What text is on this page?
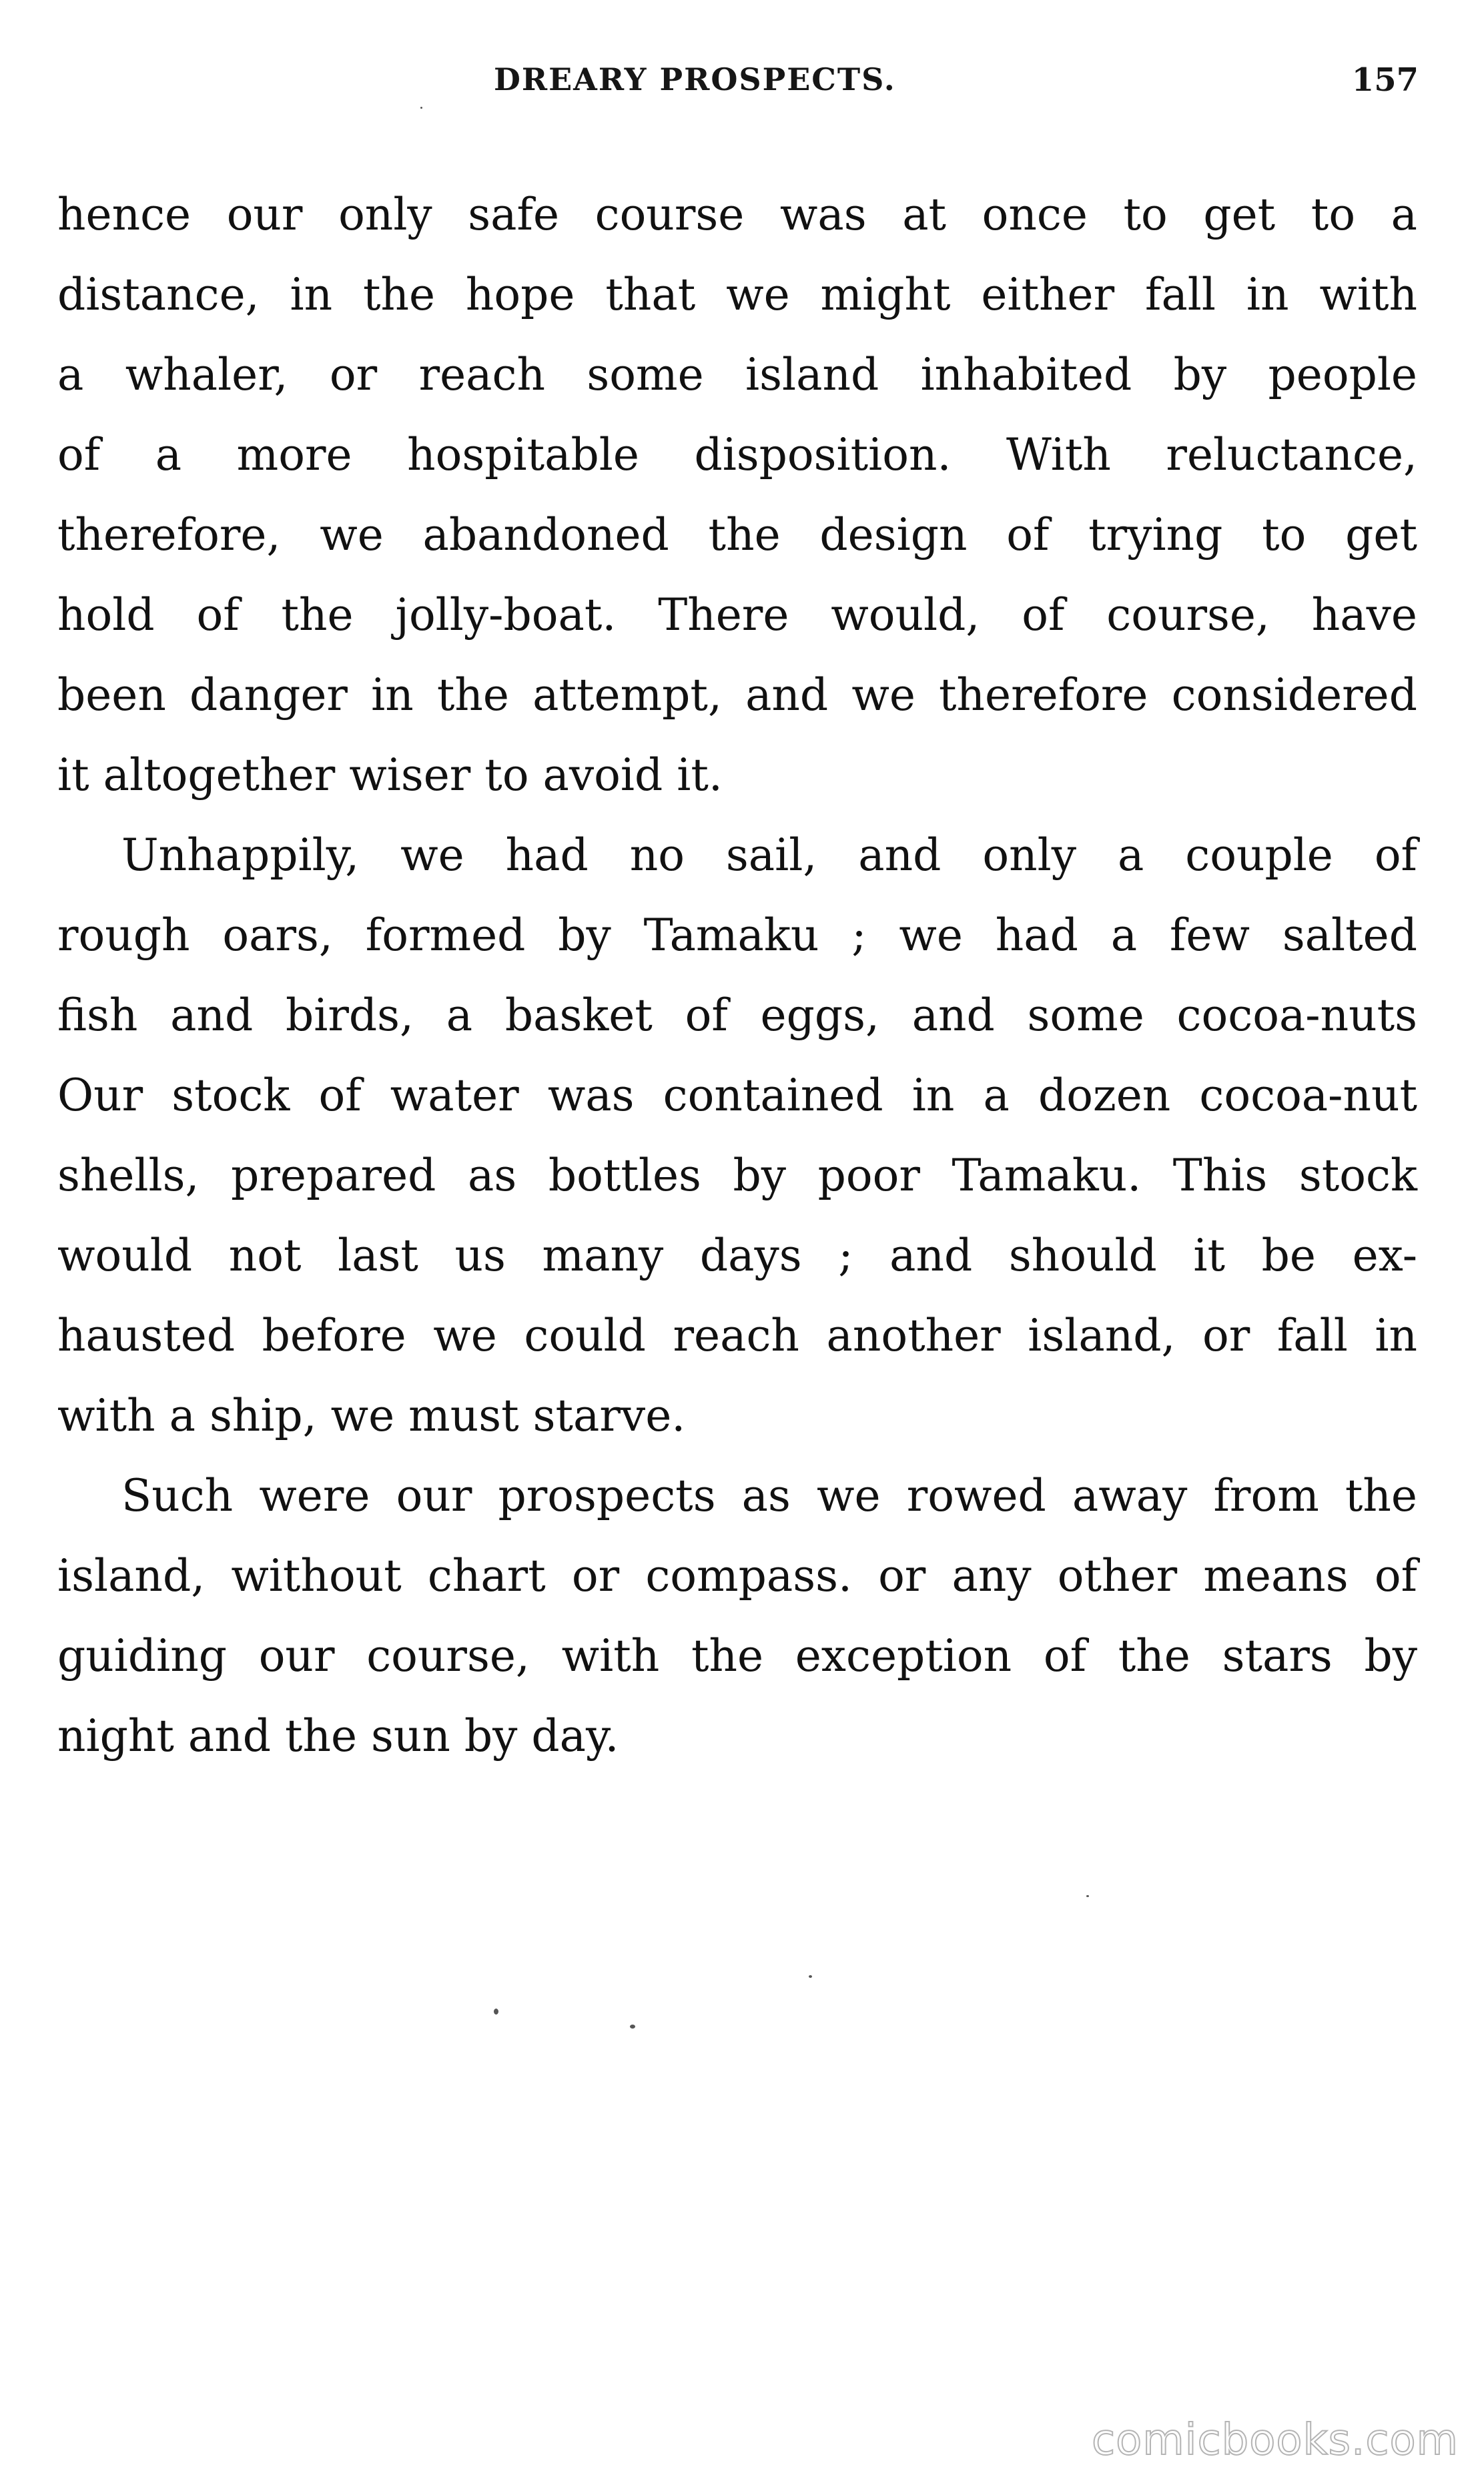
DREARY PROSPECTS.	157

hence our only safe course was at once to get to a
distance, in the hope that we might either fall in with
a whaler, or reach some island inhabited by people
of a more hospitable disposition. With reluctance,
therefore, we abandoned the design of trying to get
hold of the jolly-boat. There would, of course, have
been danger in the attempt, and we therefore considered
it altogether wiser to avoid it.

Unhappily, we had no sail, and only a couple of
rough oars, formed by Tamaku ; we had a few salted
fish and birds, a basket of eggs, and some cocoa-nuts
Our stock of water was contained in a dozen cocoa-nut
shells, prepared as bottles by poor Tamaku. This stock
would not last us many days ; and should it be ex-
hausted before we could reach another island, or fall in
with a ship, we must starve.

Such were our prospects as we rowed away from the
island, without chart or compass. or any other means of
guiding our course, with the exception of the stars by
night and the sun by day.

comicbooks.com
